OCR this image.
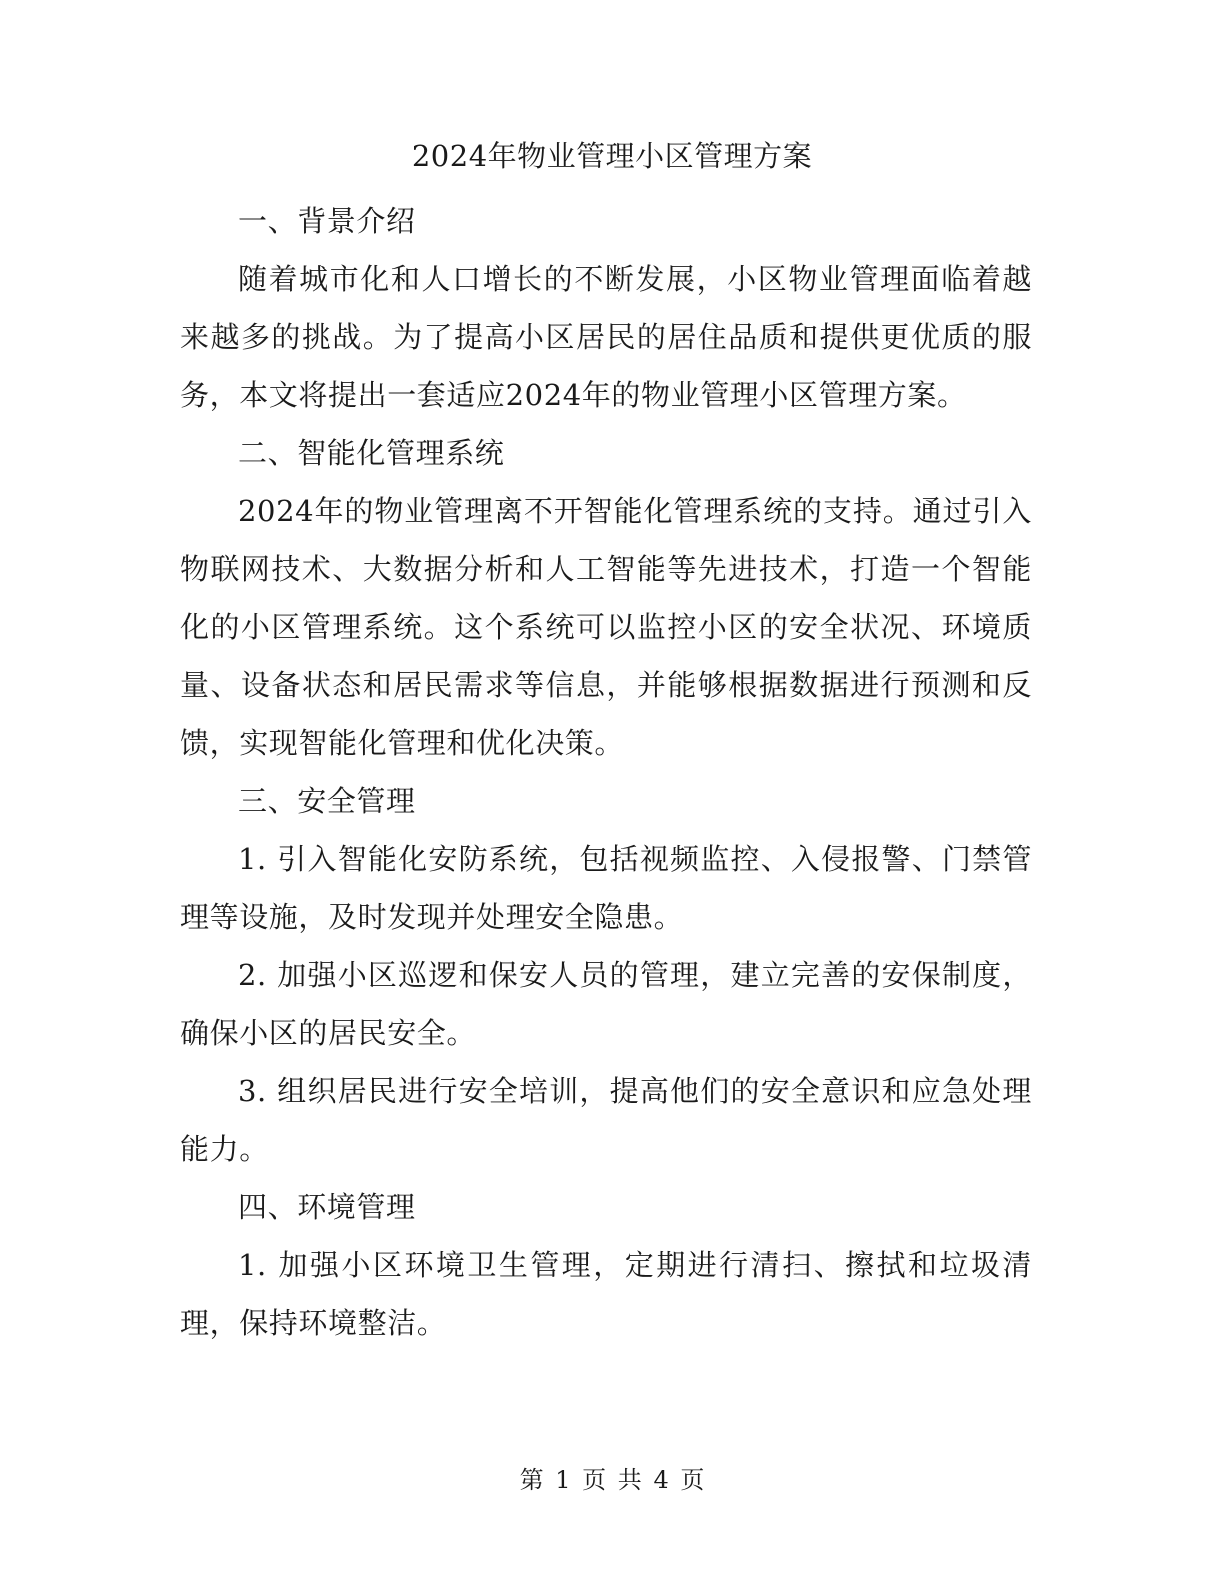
2024年物业管理小区管理方案

一、背景介绍

随着城市化和人口增长的不断发展，小区物业管理面临着越来越多的挑战。为了提高小区居民的居住品质和提供更优质的服务，本文将提出一套适应2024年的物业管理小区管理方案。

二、智能化管理系统

2024年的物业管理离不开智能化管理系统的支持。通过引入物联网技术、大数据分析和人工智能等先进技术，打造一个智能化的小区管理系统。这个系统可以监控小区的安全状况、环境质量、设备状态和居民需求等信息，并能够根据数据进行预测和反馈，实现智能化管理和优化决策。

三、安全管理

1. 引入智能化安防系统，包括视频监控、入侵报警、门禁管理等设施，及时发现并处理安全隐患。

2. 加强小区巡逻和保安人员的管理，建立完善的安保制度，确保小区的居民安全。

3. 组织居民进行安全培训，提高他们的安全意识和应急处理能力。

四、环境管理

1. 加强小区环境卫生管理，定期进行清扫、擦拭和垃圾清理，保持环境整洁。

第 1 页 共 4 页
